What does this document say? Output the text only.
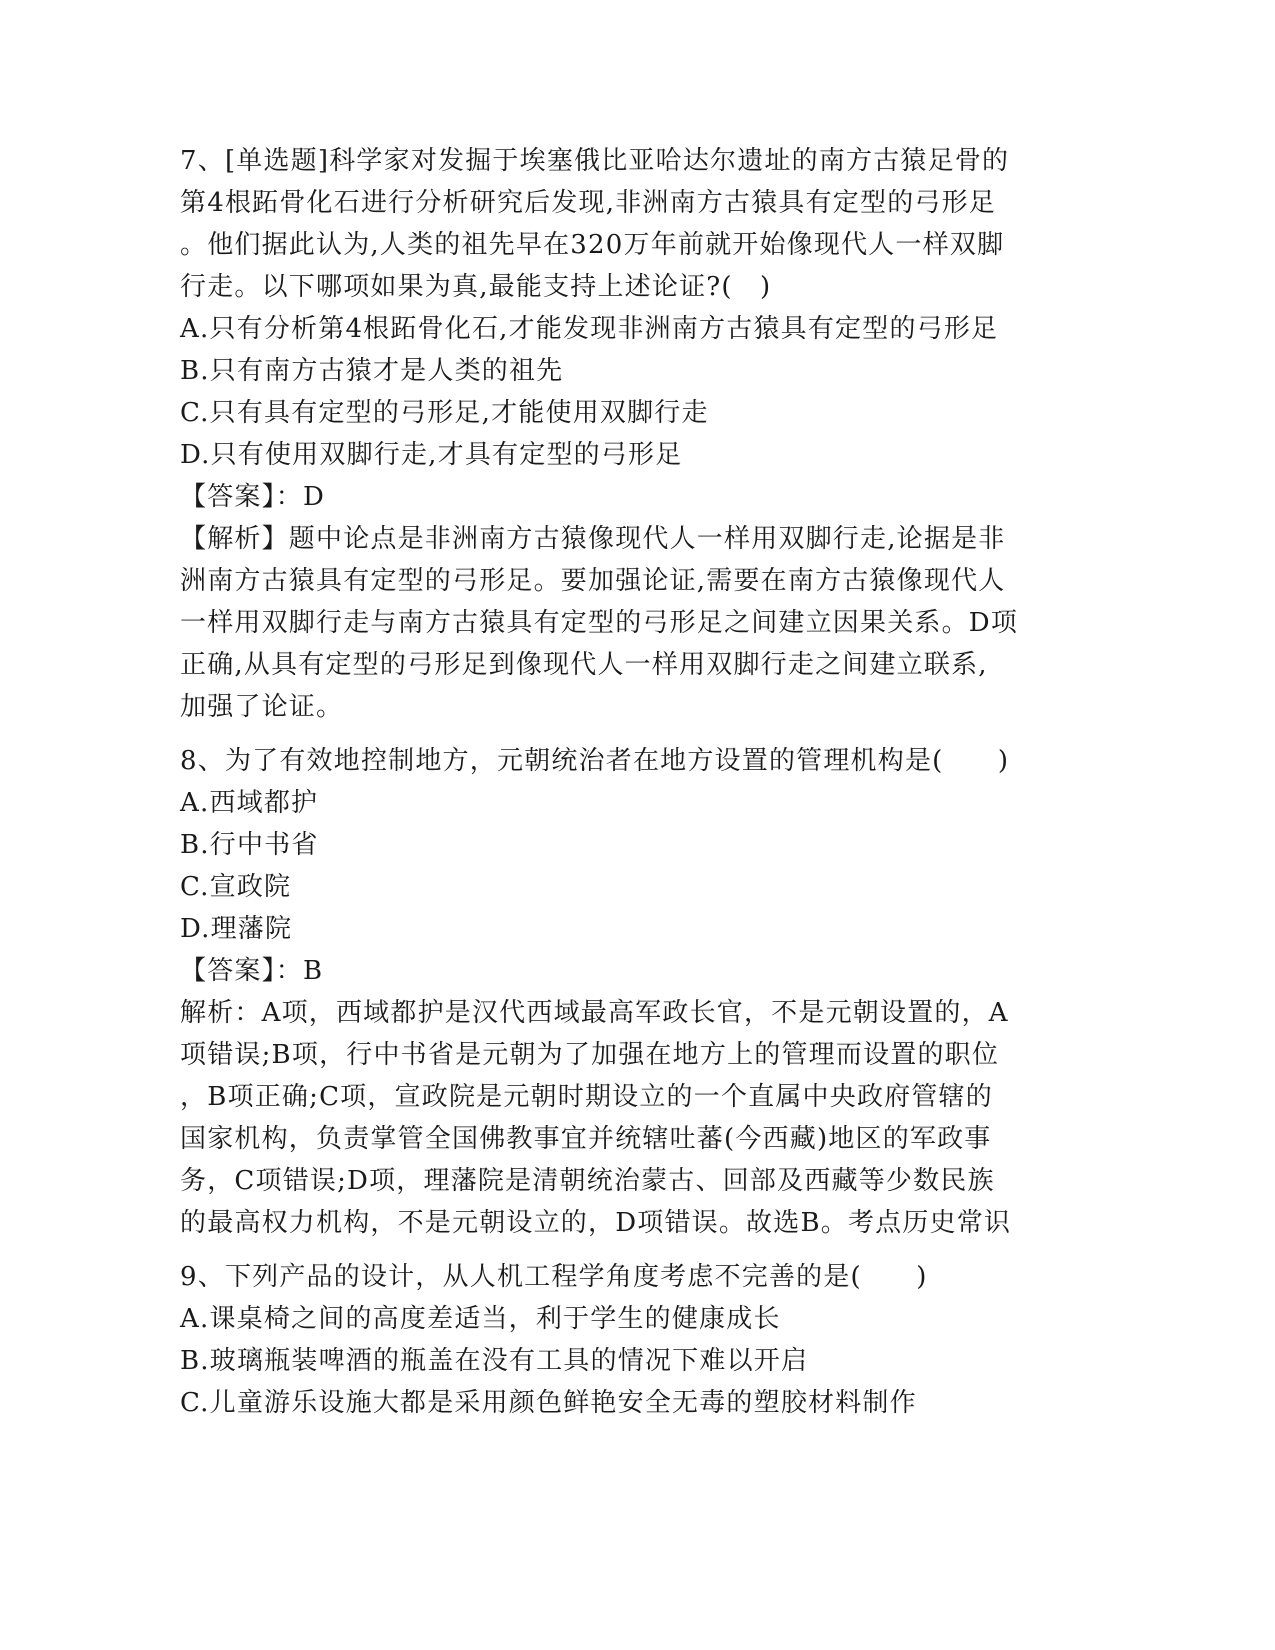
7、[单选题]科学家对发掘于埃塞俄比亚哈达尔遗址的南方古猿足骨的
第4根跖骨化石进行分析研究后发现,非洲南方古猿具有定型的弓形足
。他们据此认为,人类的祖先早在320万年前就开始像现代人一样双脚
行走。以下哪项如果为真,最能支持上述论证?(　)
A.只有分析第4根跖骨化石,才能发现非洲南方古猿具有定型的弓形足
B.只有南方古猿才是人类的祖先
C.只有具有定型的弓形足,才能使用双脚行走
D.只有使用双脚行走,才具有定型的弓形足
【答案】：D
【解析】题中论点是非洲南方古猿像现代人一样用双脚行走,论据是非
洲南方古猿具有定型的弓形足。要加强论证,需要在南方古猿像现代人
一样用双脚行走与南方古猿具有定型的弓形足之间建立因果关系。D项
正确,从具有定型的弓形足到像现代人一样用双脚行走之间建立联系,
加强了论证。
8、为了有效地控制地方，元朝统治者在地方设置的管理机构是(　　)
A.西域都护
B.行中书省
C.宣政院
D.理藩院
【答案】：B
解析：A项，西域都护是汉代西域最高军政长官，不是元朝设置的，A
项错误;B项，行中书省是元朝为了加强在地方上的管理而设置的职位
，B项正确;C项，宣政院是元朝时期设立的一个直属中央政府管辖的
国家机构，负责掌管全国佛教事宜并统辖吐蕃(今西藏)地区的军政事
务，C项错误;D项，理藩院是清朝统治蒙古、回部及西藏等少数民族
的最高权力机构，不是元朝设立的，D项错误。故选B。考点历史常识
9、下列产品的设计，从人机工程学角度考虑不完善的是(　　)
A.课桌椅之间的高度差适当，利于学生的健康成长
B.玻璃瓶装啤酒的瓶盖在没有工具的情况下难以开启
C.儿童游乐设施大都是采用颜色鲜艳安全无毒的塑胶材料制作
